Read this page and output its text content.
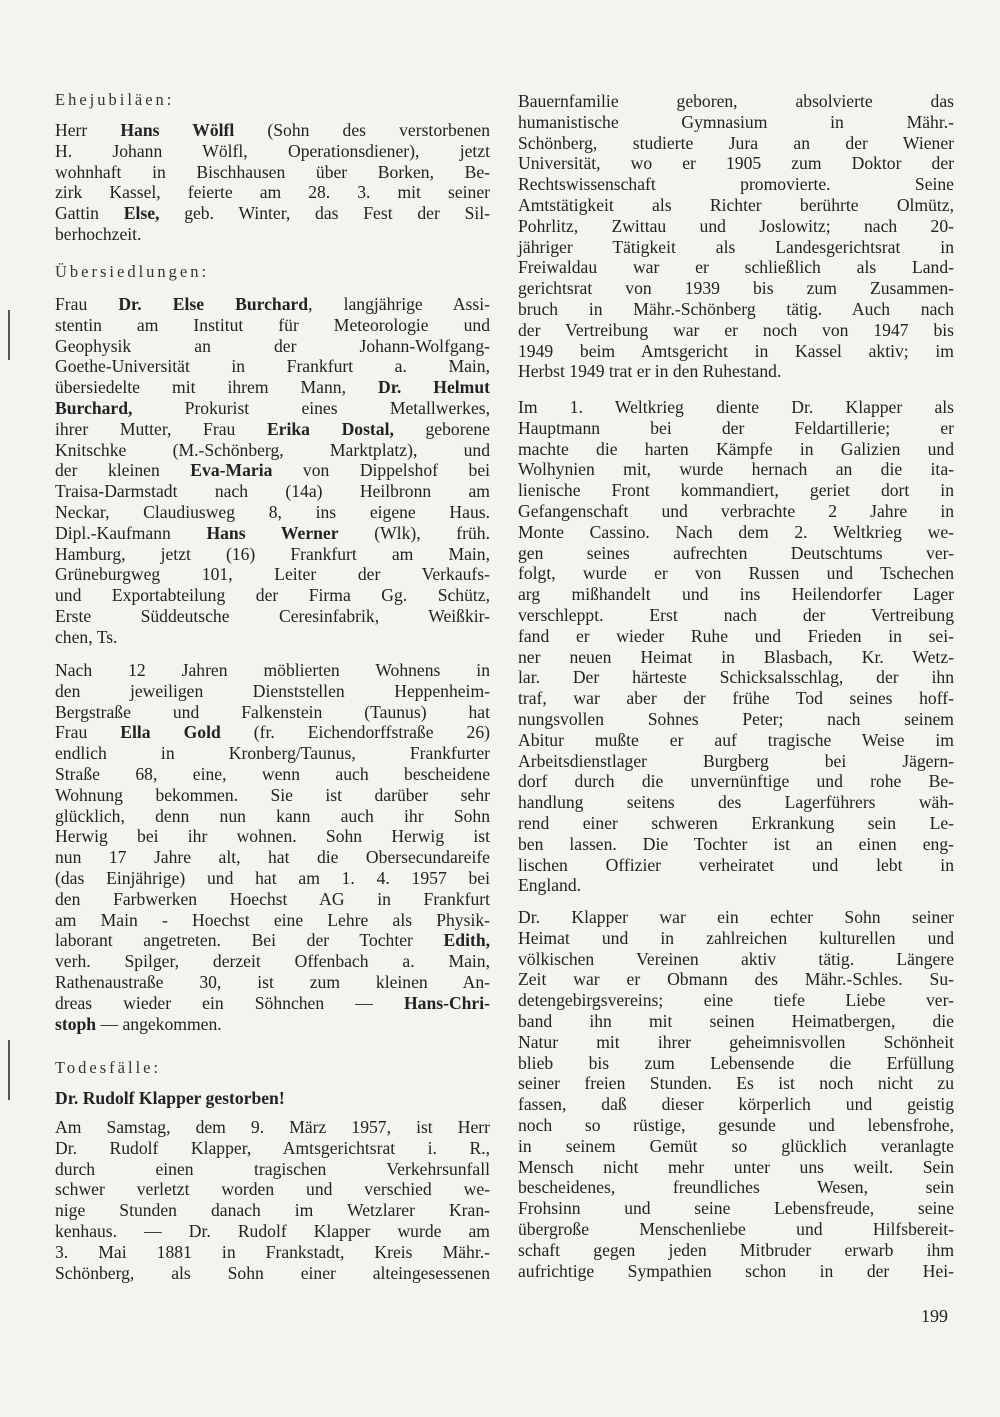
Ehejubiläen:
Herr Hans Wölfl (Sohn des verstorbenen
H. Johann Wölfl, Operationsdiener), jetzt
wohnhaft in Bischhausen über Borken, Be-
zirk Kassel, feierte am 28. 3. mit seiner
Gattin Else, geb. Winter, das Fest der Sil-
berhochzeit.
Übersiedlungen:
Frau Dr. Else Burchard, langjährige Assi-
stentin am Institut für Meteorologie und
Geophysik an der Johann-Wolfgang-
Goethe-Universität in Frankfurt a. Main,
übersiedelte mit ihrem Mann, Dr. Helmut
Burchard, Prokurist eines Metallwerkes,
ihrer Mutter, Frau Erika Dostal, geborene
Knitschke (M.-Schönberg, Marktplatz), und
der kleinen Eva-Maria von Dippelshof bei
Traisa-Darmstadt nach (14a) Heilbronn am
Neckar, Claudiusweg 8, ins eigene Haus.
Dipl.-Kaufmann Hans Werner (Wlk), früh.
Hamburg, jetzt (16) Frankfurt am Main,
Grüneburgweg 101, Leiter der Verkaufs-
und Exportabteilung der Firma Gg. Schütz,
Erste Süddeutsche Ceresinfabrik, Weißkir-
chen, Ts.
Nach 12 Jahren möblierten Wohnens in
den jeweiligen Dienststellen Heppenheim-
Bergstraße und Falkenstein (Taunus) hat
Frau Ella Gold (fr. Eichendorffstraße 26)
endlich in Kronberg/Taunus, Frankfurter
Straße 68, eine, wenn auch bescheidene
Wohnung bekommen. Sie ist darüber sehr
glücklich, denn nun kann auch ihr Sohn
Herwig bei ihr wohnen. Sohn Herwig ist
nun 17 Jahre alt, hat die Obersecundareife
(das Einjährige) und hat am 1. 4. 1957 bei
den Farbwerken Hoechst AG in Frankfurt
am Main - Hoechst eine Lehre als Physik-
laborant angetreten. Bei der Tochter Edith,
verh. Spilger, derzeit Offenbach a. Main,
Rathenaustraße 30, ist zum kleinen An-
dreas wieder ein Söhnchen — Hans-Chri-
stoph — angekommen.
Todesfälle:
Dr. Rudolf Klapper gestorben!
Am Samstag, dem 9. März 1957, ist Herr
Dr. Rudolf Klapper, Amtsgerichtsrat i. R.,
durch einen tragischen Verkehrsunfall
schwer verletzt worden und verschied we-
nige Stunden danach im Wetzlarer Kran-
kenhaus. — Dr. Rudolf Klapper wurde am
3. Mai 1881 in Frankstadt, Kreis Mähr.-
Schönberg, als Sohn einer alteingesessenen
Bauernfamilie geboren, absolvierte das
humanistische Gymnasium in Mähr.-
Schönberg, studierte Jura an der Wiener
Universität, wo er 1905 zum Doktor der
Rechtswissenschaft promovierte. Seine
Amtstätigkeit als Richter berührte Olmütz,
Pohrlitz, Zwittau und Joslowitz; nach 20-
jähriger Tätigkeit als Landesgerichtsrat in
Freiwaldau war er schließlich als Land-
gerichtsrat von 1939 bis zum Zusammen-
bruch in Mähr.-Schönberg tätig. Auch nach
der Vertreibung war er noch von 1947 bis
1949 beim Amtsgericht in Kassel aktiv; im
Herbst 1949 trat er in den Ruhestand.
Im 1. Weltkrieg diente Dr. Klapper als
Hauptmann bei der Feldartillerie; er
machte die harten Kämpfe in Galizien und
Wolhynien mit, wurde hernach an die ita-
lienische Front kommandiert, geriet dort in
Gefangenschaft und verbrachte 2 Jahre in
Monte Cassino. Nach dem 2. Weltkrieg we-
gen seines aufrechten Deutschtums ver-
folgt, wurde er von Russen und Tschechen
arg mißhandelt und ins Heilendorfer Lager
verschleppt. Erst nach der Vertreibung
fand er wieder Ruhe und Frieden in sei-
ner neuen Heimat in Blasbach, Kr. Wetz-
lar. Der härteste Schicksalsschlag, der ihn
traf, war aber der frühe Tod seines hoff-
nungsvollen Sohnes Peter; nach seinem
Abitur mußte er auf tragische Weise im
Arbeitsdienstlager Burgberg bei Jägern-
dorf durch die unvernünftige und rohe Be-
handlung seitens des Lagerführers wäh-
rend einer schweren Erkrankung sein Le-
ben lassen. Die Tochter ist an einen eng-
lischen Offizier verheiratet und lebt in
England.
Dr. Klapper war ein echter Sohn seiner
Heimat und in zahlreichen kulturellen und
völkischen Vereinen aktiv tätig. Längere
Zeit war er Obmann des Mähr.-Schles. Su-
detengebirgsvereins; eine tiefe Liebe ver-
band ihn mit seinen Heimatbergen, die
Natur mit ihrer geheimnisvollen Schönheit
blieb bis zum Lebensende die Erfüllung
seiner freien Stunden. Es ist noch nicht zu
fassen, daß dieser körperlich und geistig
noch so rüstige, gesunde und lebensfrohe,
in seinem Gemüt so glücklich veranlagte
Mensch nicht mehr unter uns weilt. Sein
bescheidenes, freundliches Wesen, sein
Frohsinn und seine Lebensfreude, seine
übergroße Menschenliebe und Hilfsbereit-
schaft gegen jeden Mitbruder erwarb ihm
aufrichtige Sympathien schon in der Hei-
199
